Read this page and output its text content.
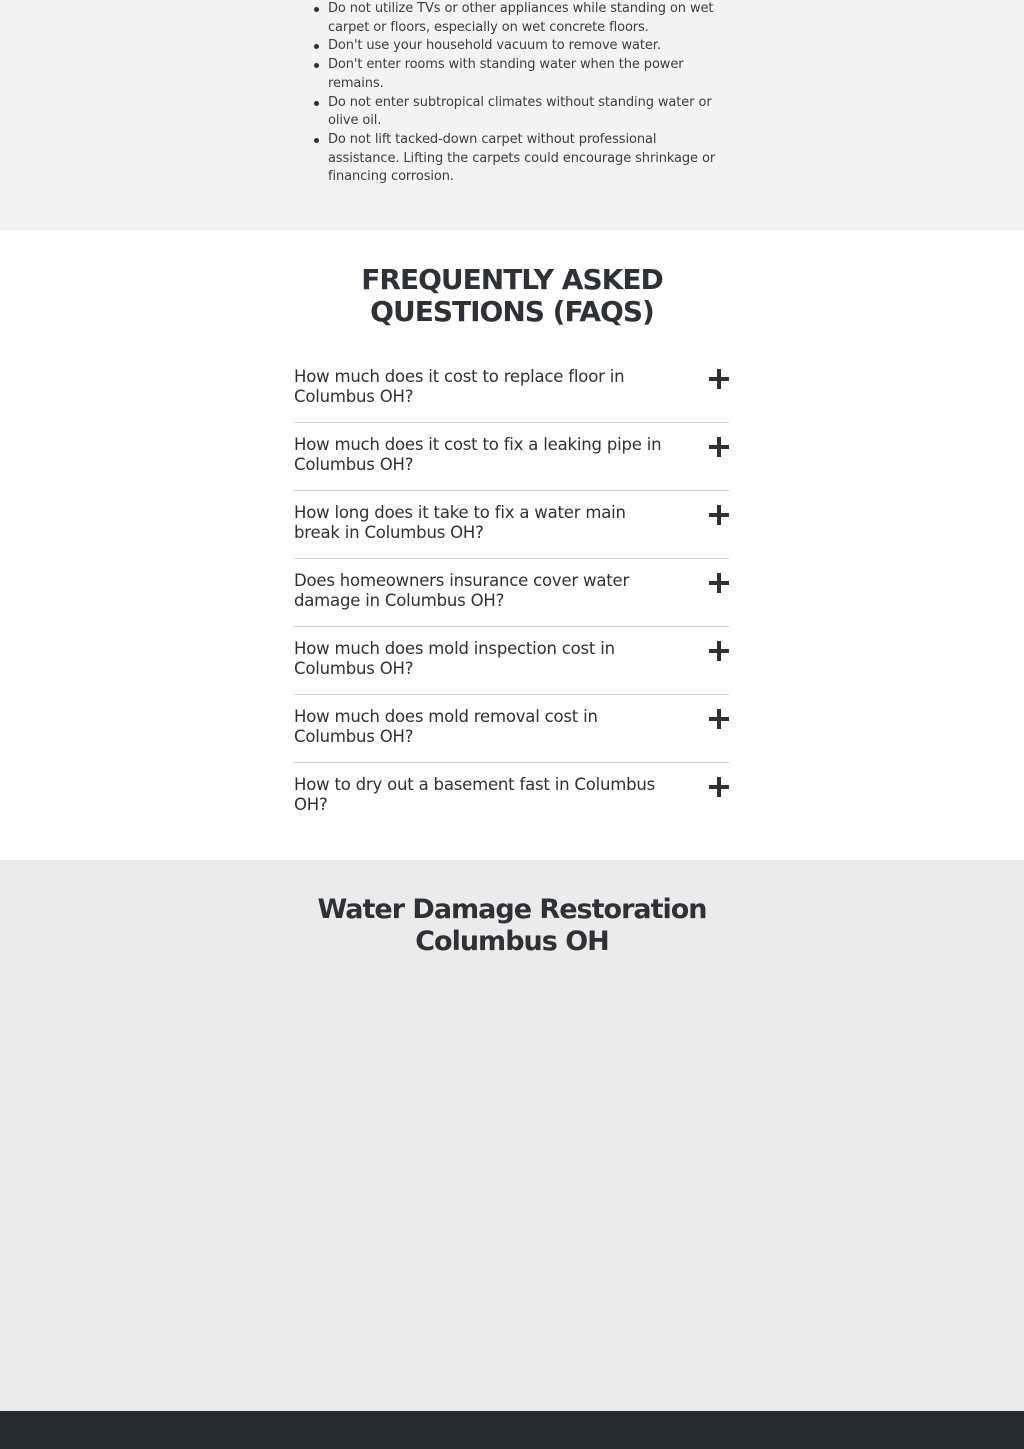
Do not utilize TVs or other appliances while standing on wet carpet or floors, especially on wet concrete floors.
Don't use your household vacuum to remove water.
Don't enter rooms with standing water when the power remains.
Do not enter subtropical climates without standing water or olive oil.
Do not lift tacked-down carpet without professional assistance. Lifting the carpets could encourage shrinkage or financing corrosion.
FREQUENTLY ASKED QUESTIONS (FAQS)
How much does it cost to replace floor in Columbus OH?
How much does it cost to fix a leaking pipe in Columbus OH?
How long does it take to fix a water main break in Columbus OH?
Does homeowners insurance cover water damage in Columbus OH?
How much does mold inspection cost in Columbus OH?
How much does mold removal cost in Columbus OH?
How to dry out a basement fast in Columbus OH?
Water Damage Restoration Columbus OH
